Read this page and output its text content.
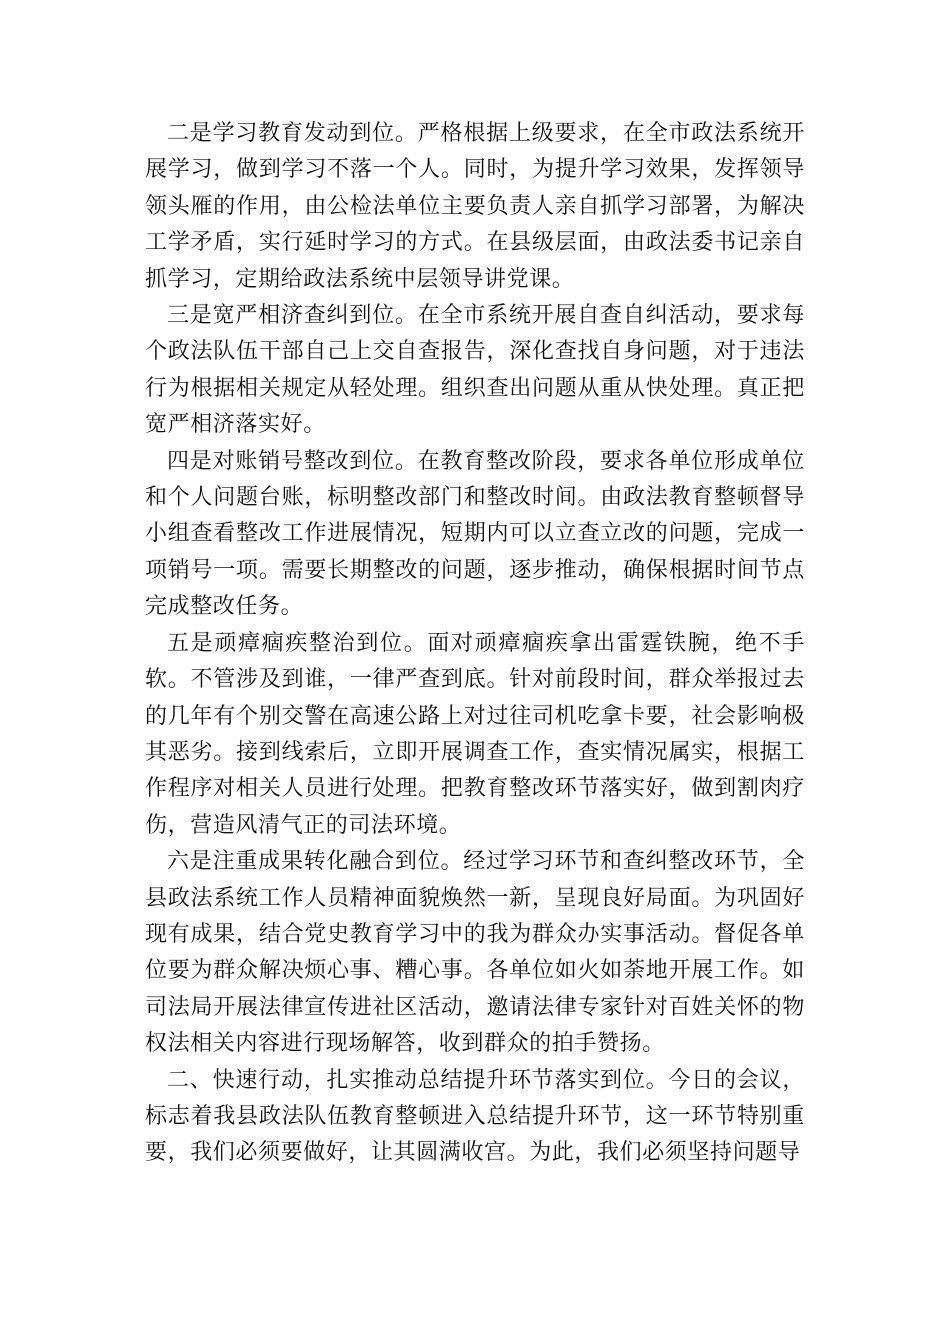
二是学习教育发动到位。严格根据上级要求，在全市政法系统开展学习，做到学习不落一个人。同时，为提升学习效果，发挥领导领头雁的作用，由公检法单位主要负责人亲自抓学习部署，为解决工学矛盾，实行延时学习的方式。在县级层面，由政法委书记亲自抓学习，定期给政法系统中层领导讲党课。

三是宽严相济查纠到位。在全市系统开展自查自纠活动，要求每个政法队伍干部自己上交自查报告，深化查找自身问题，对于违法行为根据相关规定从轻处理。组织查出问题从重从快处理。真正把宽严相济落实好。

四是对账销号整改到位。在教育整改阶段，要求各单位形成单位和个人问题台账，标明整改部门和整改时间。由政法教育整顿督导小组查看整改工作进展情况，短期内可以立查立改的问题，完成一项销号一项。需要长期整改的问题，逐步推动，确保根据时间节点完成整改任务。

五是顽瘴痼疾整治到位。面对顽瘴痼疾拿出雷霆铁腕，绝不手软。不管涉及到谁，一律严查到底。针对前段时间，群众举报过去的几年有个别交警在高速公路上对过往司机吃拿卡要，社会影响极其恶劣。接到线索后，立即开展调查工作，查实情况属实，根据工作程序对相关人员进行处理。把教育整改环节落实好，做到割肉疗伤，营造风清气正的司法环境。

六是注重成果转化融合到位。经过学习环节和查纠整改环节，全县政法系统工作人员精神面貌焕然一新，呈现良好局面。为巩固好现有成果，结合党史教育学习中的我为群众办实事活动。督促各单位要为群众解决烦心事、糟心事。各单位如火如荼地开展工作。如司法局开展法律宣传进社区活动，邀请法律专家针对百姓关怀的物权法相关内容进行现场解答，收到群众的拍手赞扬。

二、快速行动，扎实推动总结提升环节落实到位。今日的会议，标志着我县政法队伍教育整顿进入总结提升环节，这一环节特别重要，我们必须要做好，让其圆满收宫。为此，我们必须坚持问题导
